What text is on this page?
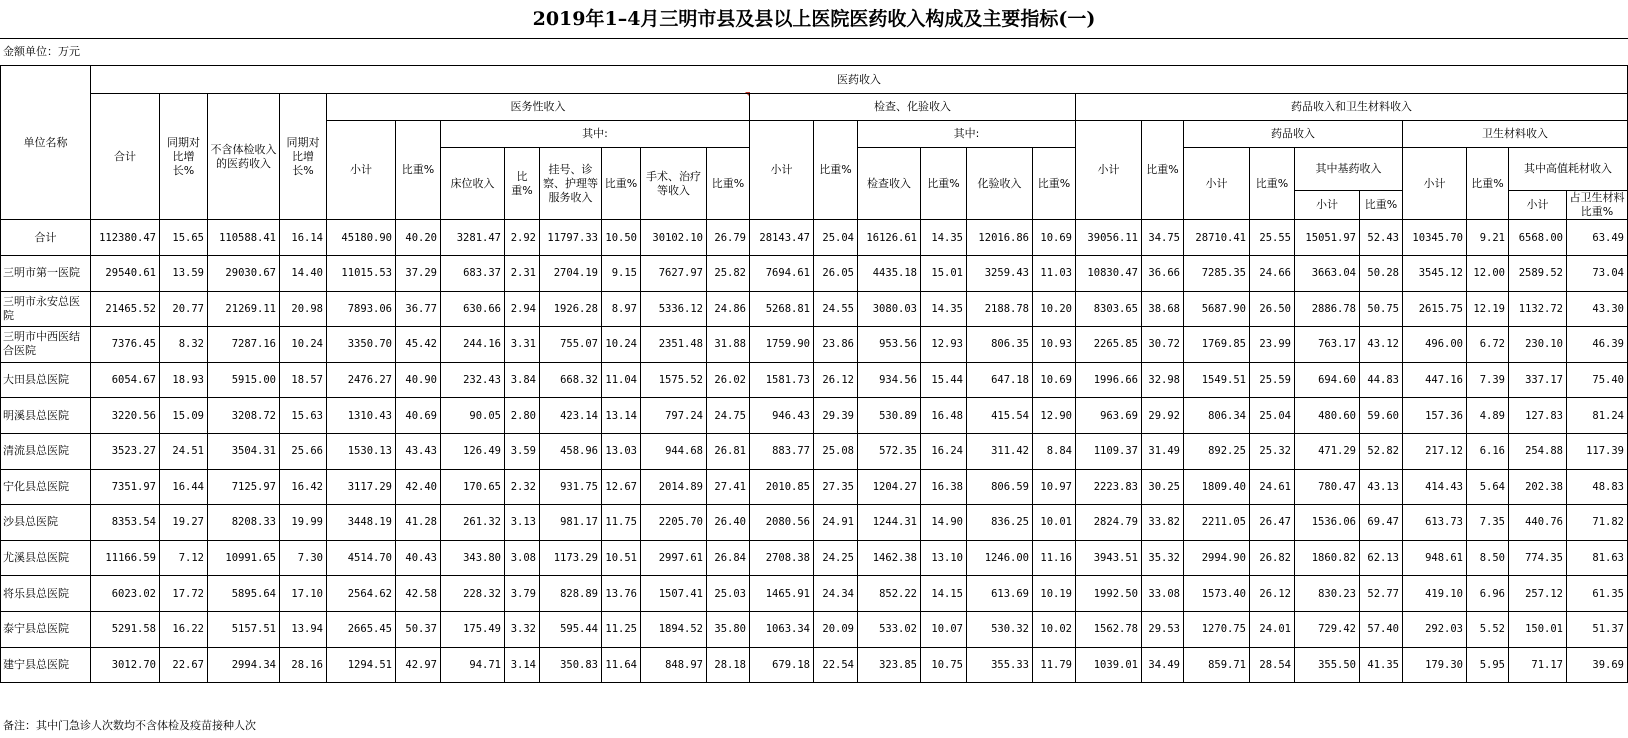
2019年1–4月三明市县及县以上医院医药收入构成及主要指标(一)
金额单位：万元
单位名称	医药收入																											
	合计	同期对比增长%	不含体检收入的医药收入	同期对比增长%	医务性收入								检查、化验收入						药品收入和卫生材料收入									
					小计	比重%	其中:						小计	比重%	其中:				小计	比重%	药品收入				卫生材料收入			
							床位收入	比重%	挂号、诊察、护理等服务收入	比重%	手术、治疗等收入	比重%			检查收入	比重%	化验收入	比重%			小计	比重%	其中基药收入		小计	比重%	其中高值耗材收入	
																							小计	比重%			小计	占卫生材料比重%

合计	112380.47	15.65	110588.41	16.14	45180.90	40.20	3281.47	2.92	11797.33	10.50	30102.10	26.79	28143.47	25.04	16126.61	14.35	12016.86	10.69	39056.11	34.75	28710.41	25.55	15051.97	52.43	10345.70	9.21	6568.00	63.49
三明市第一医院	29540.61	13.59	29030.67	14.40	11015.53	37.29	683.37	2.31	2704.19	9.15	7627.97	25.82	7694.61	26.05	4435.18	15.01	3259.43	11.03	10830.47	36.66	7285.35	24.66	3663.04	50.28	3545.12	12.00	2589.52	73.04
三明市永安总医院	21465.52	20.77	21269.11	20.98	7893.06	36.77	630.66	2.94	1926.28	8.97	5336.12	24.86	5268.81	24.55	3080.03	14.35	2188.78	10.20	8303.65	38.68	5687.90	26.50	2886.78	50.75	2615.75	12.19	1132.72	43.30
三明市中西医结合医院	7376.45	8.32	7287.16	10.24	3350.70	45.42	244.16	3.31	755.07	10.24	2351.48	31.88	1759.90	23.86	953.56	12.93	806.35	10.93	2265.85	30.72	1769.85	23.99	763.17	43.12	496.00	6.72	230.10	46.39
大田县总医院	6054.67	18.93	5915.00	18.57	2476.27	40.90	232.43	3.84	668.32	11.04	1575.52	26.02	1581.73	26.12	934.56	15.44	647.18	10.69	1996.66	32.98	1549.51	25.59	694.60	44.83	447.16	7.39	337.17	75.40
明溪县总医院	3220.56	15.09	3208.72	15.63	1310.43	40.69	90.05	2.80	423.14	13.14	797.24	24.75	946.43	29.39	530.89	16.48	415.54	12.90	963.69	29.92	806.34	25.04	480.60	59.60	157.36	4.89	127.83	81.24
清流县总医院	3523.27	24.51	3504.31	25.66	1530.13	43.43	126.49	3.59	458.96	13.03	944.68	26.81	883.77	25.08	572.35	16.24	311.42	8.84	1109.37	31.49	892.25	25.32	471.29	52.82	217.12	6.16	254.88	117.39
宁化县总医院	7351.97	16.44	7125.97	16.42	3117.29	42.40	170.65	2.32	931.75	12.67	2014.89	27.41	2010.85	27.35	1204.27	16.38	806.59	10.97	2223.83	30.25	1809.40	24.61	780.47	43.13	414.43	5.64	202.38	48.83
沙县总医院	8353.54	19.27	8208.33	19.99	3448.19	41.28	261.32	3.13	981.17	11.75	2205.70	26.40	2080.56	24.91	1244.31	14.90	836.25	10.01	2824.79	33.82	2211.05	26.47	1536.06	69.47	613.73	7.35	440.76	71.82
尤溪县总医院	11166.59	7.12	10991.65	7.30	4514.70	40.43	343.80	3.08	1173.29	10.51	2997.61	26.84	2708.38	24.25	1462.38	13.10	1246.00	11.16	3943.51	35.32	2994.90	26.82	1860.82	62.13	948.61	8.50	774.35	81.63
将乐县总医院	6023.02	17.72	5895.64	17.10	2564.62	42.58	228.32	3.79	828.89	13.76	1507.41	25.03	1465.91	24.34	852.22	14.15	613.69	10.19	1992.50	33.08	1573.40	26.12	830.23	52.77	419.10	6.96	257.12	61.35
泰宁县总医院	5291.58	16.22	5157.51	13.94	2665.45	50.37	175.49	3.32	595.44	11.25	1894.52	35.80	1063.34	20.09	533.02	10.07	530.32	10.02	1562.78	29.53	1270.75	24.01	729.42	57.40	292.03	5.52	150.01	51.37
建宁县总医院	3012.70	22.67	2994.34	28.16	1294.51	42.97	94.71	3.14	350.83	11.64	848.97	28.18	679.18	22.54	323.85	10.75	355.33	11.79	1039.01	34.49	859.71	28.54	355.50	41.35	179.30	5.95	71.17	39.69
备注：其中门急诊人次数均不含体检及疫苗接种人次
